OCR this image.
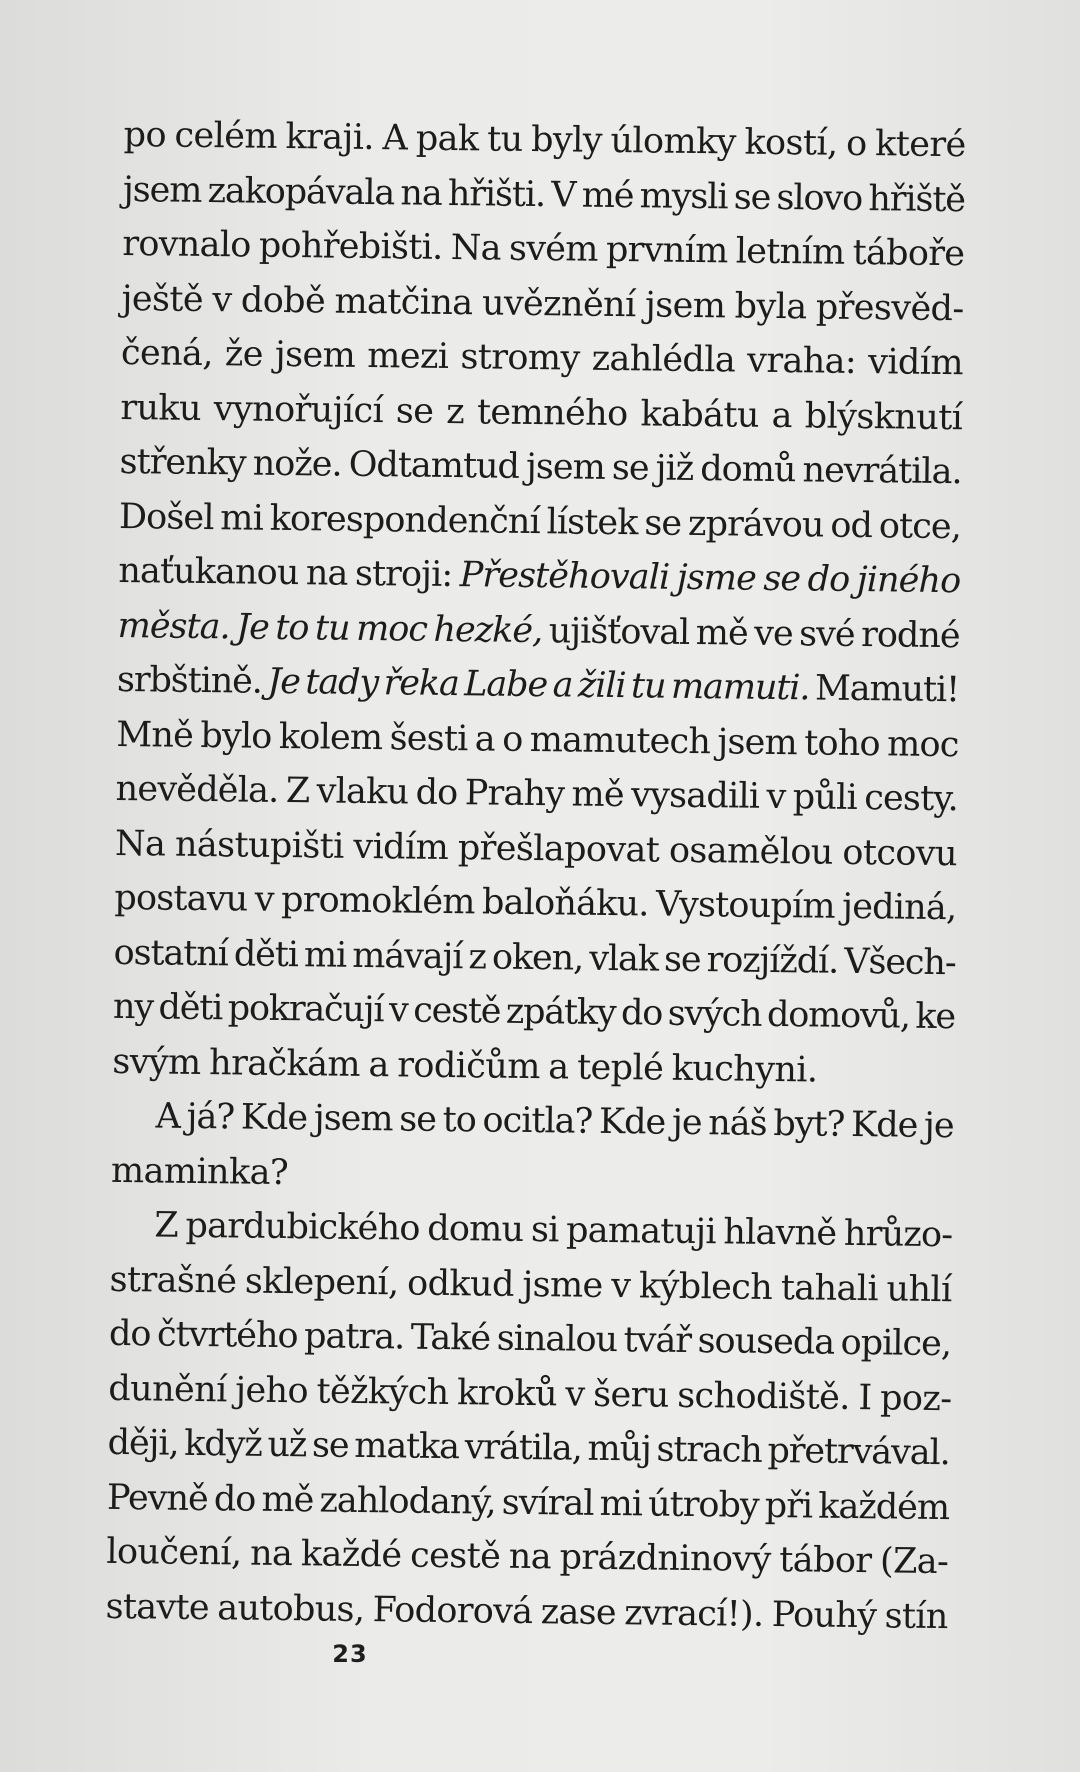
po celém kraji. A pak tu byly úlomky kostí, o které
jsem zakopávala na hřišti. V mé mysli se slovo hřiště
rovnalo pohřebišti. Na svém prvním letním táboře
ještě v době matčina uvěznění jsem byla přesvěd-
čená, že jsem mezi stromy zahlédla vraha: vidím
ruku vynořující se z temného kabátu a blýsknutí
střenky nože. Odtamtud jsem se již domů nevrátila.
Došel mi korespondenční lístek se zprávou od otce,
naťukanou na stroji: Přestěhovali jsme se do jiného
města. Je to tu moc hezké, ujišťoval mě ve své rodné
srbštině. Je tady řeka Labe a žili tu mamuti. Mamuti!
Mně bylo kolem šesti a o mamutech jsem toho moc
nevěděla. Z vlaku do Prahy mě vysadili v půli cesty.
Na nástupišti vidím přešlapovat osamělou otcovu
postavu v promoklém baloňáku. Vystoupím jediná,
ostatní děti mi mávají z oken, vlak se rozjíždí. Všech-
ny děti pokračují v cestě zpátky do svých domovů, ke
svým hračkám a rodičům a teplé kuchyni.
A já? Kde jsem se to ocitla? Kde je náš byt? Kde je
maminka?
Z pardubického domu si pamatuji hlavně hrůzo-
strašné sklepení, odkud jsme v kýblech tahali uhlí
do čtvrtého patra. Také sinalou tvář souseda opilce,
dunění jeho těžkých kroků v šeru schodiště. I poz-
ději, když už se matka vrátila, můj strach přetrvával.
Pevně do mě zahlodaný, svíral mi útroby při každém
loučení, na každé cestě na prázdninový tábor (Za-
stavte autobus, Fodorová zase zvrací!). Pouhý stín
23
